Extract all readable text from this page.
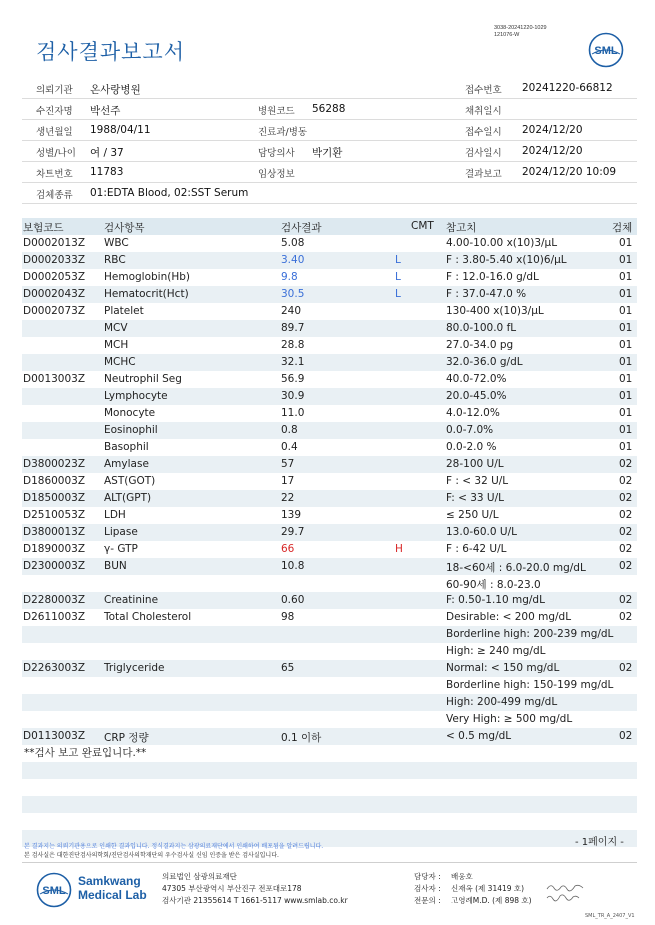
검사결과보고서
3038-20241220-1029
121076-W
SML
의뢰기관 온사랑병원	접수번호 20241220-66812
수진자명 박선주	병원코드 56288	채취일시
생년월일 1988/04/11	진료과/병동	접수일시 2024/12/20
성별/나이 여 / 37	담당의사 박기환	검사일시 2024/12/20
차트번호 11783	임상정보	결과보고 2024/12/20 10:09
검체종류 01:EDTA Blood, 02:SST Serum
보험코드	검사항목	검사결과	CMT 참고치	검체
D0002013Z WBC	5.08	4.00-10.00 x(10)3/μL	01
D0002033Z RBC	3.40	L	F : 3.80-5.40 x(10)6/μL	01
D0002053Z Hemoglobin(Hb)	9.8	L	F : 12.0-16.0 g/dL	01
D0002043Z Hematocrit(Hct)	30.5	L	F : 37.0-47.0 %	01
D0002073Z Platelet	240	130-400 x(10)3/μL	01
MCV	89.7	80.0-100.0 fL	01
MCH	28.8	27.0-34.0 pg	01
MCHC	32.1	32.0-36.0 g/dL	01
D0013003Z Neutrophil Seg	56.9	40.0-72.0%	01
Lymphocyte	30.9	20.0-45.0%	01
Monocyte	11.0	4.0-12.0%	01
Eosinophil	0.8	0.0-7.0%	01
Basophil	0.4	0.0-2.0 %	01
D3800023Z Amylase	57	28-100 U/L	02
D1860003Z AST(GOT)	17	F : < 32 U/L	02
D1850003Z ALT(GPT)	22	F: < 33 U/L	02
D2510053Z LDH	139	≤ 250 U/L	02
D3800013Z Lipase	29.7	13.0-60.0 U/L	02
D1890003Z γ- GTP	66	H	F : 6-42 U/L	02
D2300003Z BUN	10.8	18-<60세 : 6.0-20.0 mg/dL	02
60-90세 : 8.0-23.0
D2280003Z Creatinine	0.60	F: 0.50-1.10 mg/dL	02
D2611003Z Total Cholesterol	98	Desirable: < 200 mg/dL	02
Borderline high: 200-239 mg/dL
High: ≥ 240 mg/dL
D2263003Z Triglyceride	65	Normal: < 150 mg/dL	02
Borderline high: 150-199 mg/dL
High: 200-499 mg/dL
Very High: ≥ 500 mg/dL
D0113003Z CRP 정량	0.1 이하	< 0.5 mg/dL	02
**검사 보고 완료입니다.**
- 1페이지 -
본 결과지는 의뢰기관용으로 인쇄한 결과입니다. 정식결과지는 삼광의료재단에서 인쇄하여 배포됨을 알려드립니다.
본 검사실은 대한진단검사의학회/진단검사의학재단의 우수검사실 신임 인증을 받은 검사실입니다.
SML
Samkwang
Medical Lab
의료법인 삼광의료재단
47305 부산광역시 부산진구 전포대로178
검사기관 21355614 T 1661-5117 www.smlab.co.kr
담당자 : 배웅호
검사자 : 신재옥 (제 31419 호)
전문의 : 고영례M.D. (제 898 호)
SML_TR_A_2407_V1
